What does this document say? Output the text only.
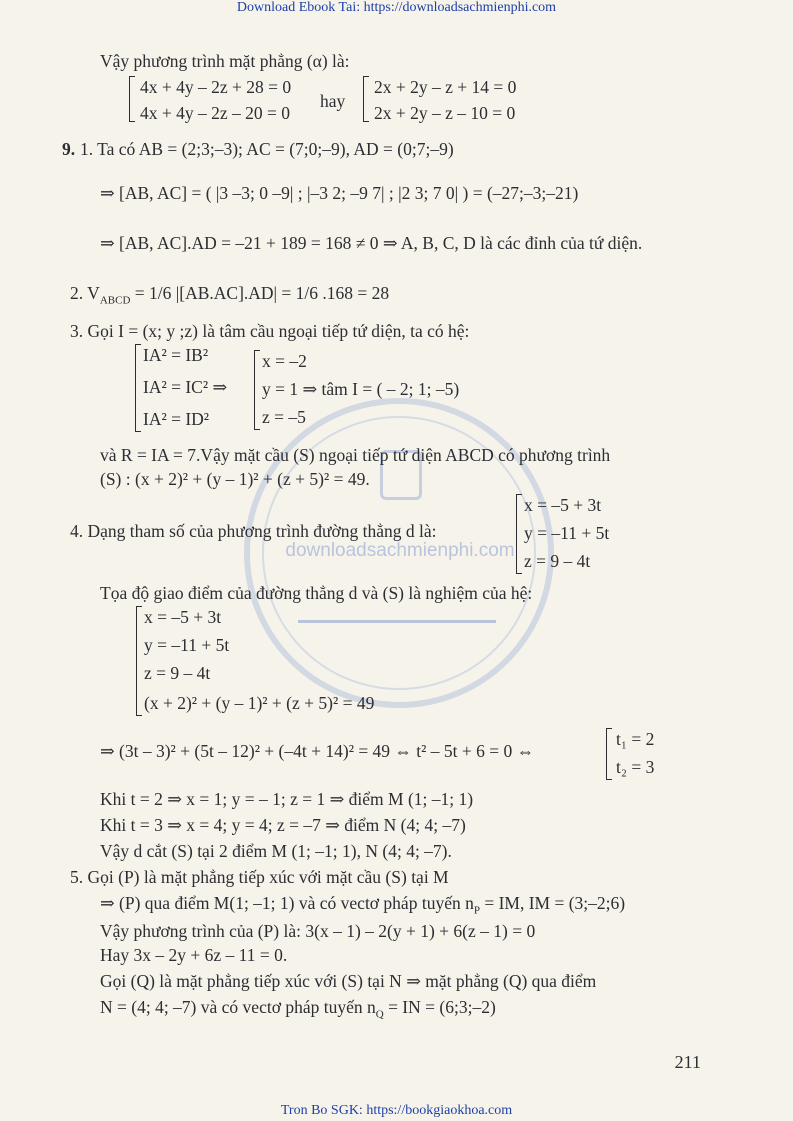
Download Ebook Tai: https://downloadsachmienphi.com
downloadsachmienphi.com
Vậy phương trình mặt phẳng (α) là:
4x + 4y – 2z + 28 = 0
4x + 4y – 2z – 20 = 0
hay
2x + 2y – z + 14 = 0
2x + 2y – z – 10 = 0
9. 1. Ta có AB = (2;3;–3); AC = (7;0;–9), AD = (0;7;–9)
⇒ [AB, AC] = ( |3 –3; 0 –9| ; |–3 2; –9 7| ; |2 3; 7 0| ) = (–27;–3;–21)
⇒ [AB, AC].AD = –21 + 189 = 168 ≠ 0 ⇒ A, B, C, D là các đỉnh của tứ diện.
2. $V_{ABCD} = 1/6$ |[AB.AC].AD| = 1/6 .168 = 28
3. Gọi I = (x; y ;z) là tâm cầu ngoại tiếp tứ diện, ta có hệ:
IA² = IB²
IA² = IC² ⇒
IA² = ID²
x = –2
y = 1 ⇒ tâm I = ( – 2; 1; –5)
z = –5
và R = IA = 7.Vậy mặt cầu (S) ngoại tiếp tứ diện ABCD có phương trình
(S) : (x + 2)² + (y – 1)² + (z + 5)² = 49.
4. Dạng tham số của phương trình đường thẳng d là:
x = –5 + 3t
y = –11 + 5t
z = 9 – 4t
Tọa độ giao điểm của đường thẳng d và (S) là nghiệm của hệ:
x = –5 + 3t
y = –11 + 5t
z = 9 – 4t
(x + 2)² + (y – 1)² + (z + 5)² = 49
⇒ (3t – 3)² + (5t – 12)² + (–4t + 14)² = 49 ⇔ t² – 5t + 6 = 0 ⇔
t₁ = 2
t₂ = 3
Khi t = 2 ⇒ x = 1; y = – 1; z = 1 ⇒ điểm M (1; –1; 1)
Khi t = 3 ⇒ x = 4; y = 4; z = –7 ⇒ điểm N (4; 4; –7)
Vậy d cắt (S) tại 2 điểm M (1; –1; 1), N (4; 4; –7).
5. Gọi (P) là mặt phẳng tiếp xúc với mặt cầu (S) tại M
⇒ (P) qua điểm M(1; –1; 1) và có vectơ pháp tuyến $n_P$ = IM, IM = (3;–2;6)
Vậy phương trình của (P) là: 3(x – 1) – 2(y + 1) + 6(z – 1) = 0
Hay 3x – 2y + 6z – 11 = 0.
Gọi (Q) là mặt phẳng tiếp xúc với (S) tại N ⇒ mặt phẳng (Q) qua điểm
N = (4; 4; –7) và có vectơ pháp tuyến $n_Q$ = IN = (6;3;–2)
211
Tron Bo SGK: https://bookgiaokhoa.com
